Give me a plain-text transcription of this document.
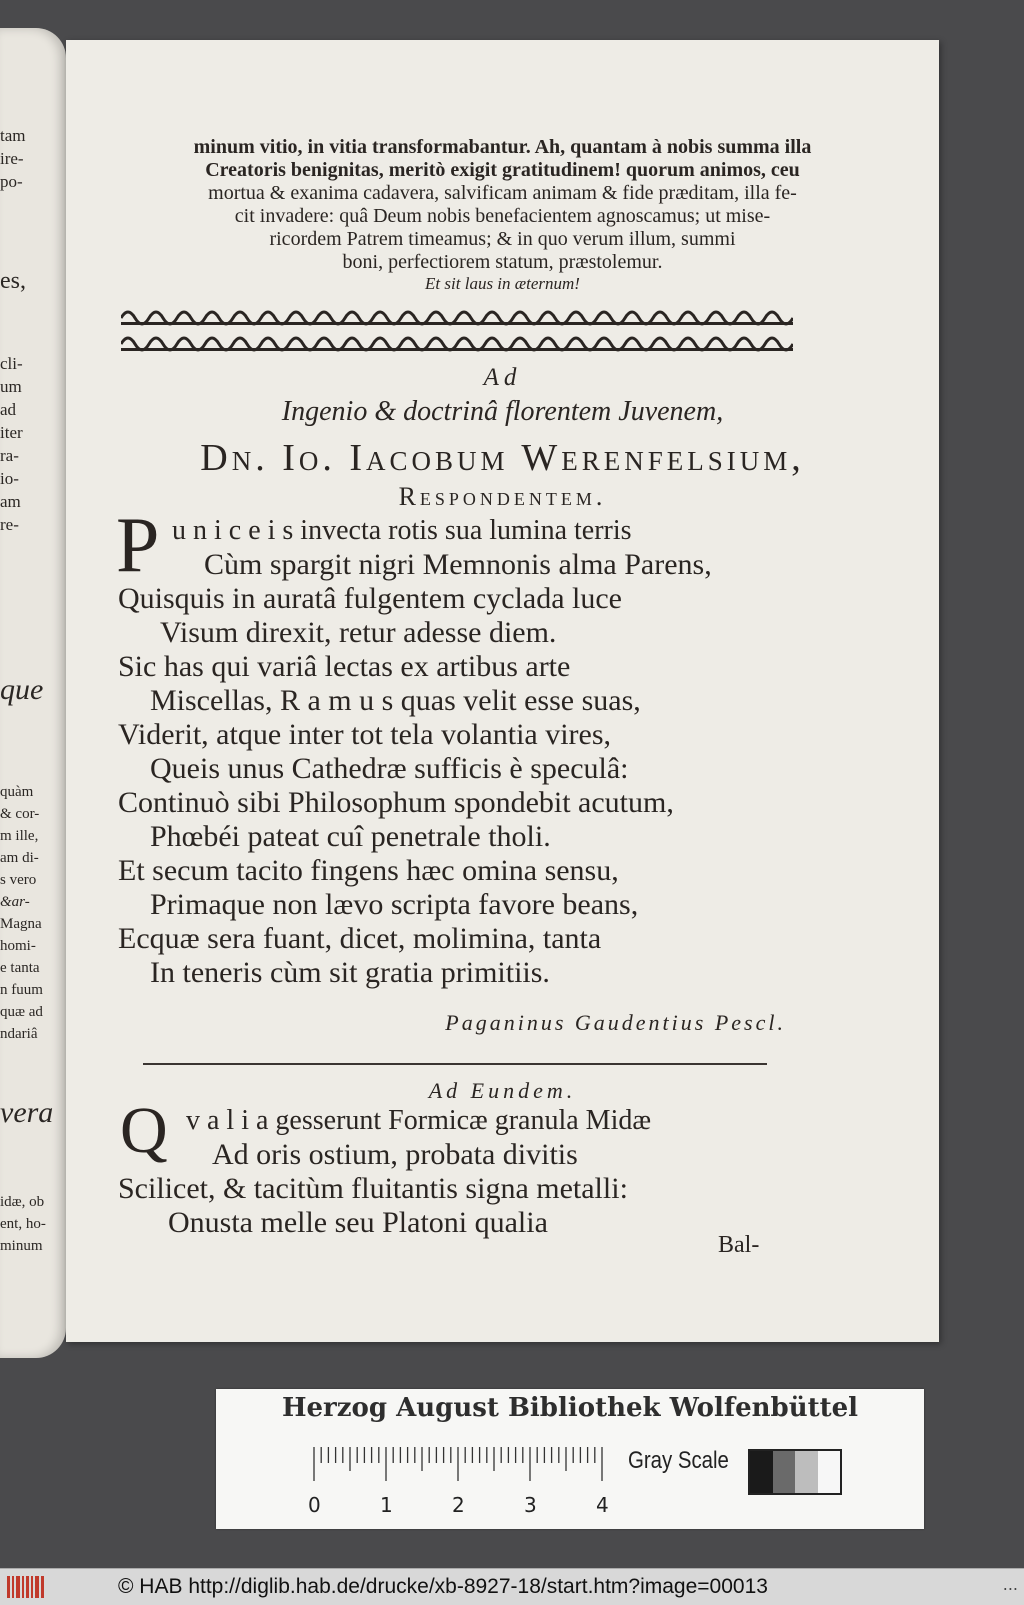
tam
ire-
po-
es,
cli-
um
ad
iter
ra-
io-
am
re-
que
quàm
& cor-
m ille,
am di-
s vero
&ar-
Magna
homi-
e tanta
n fuum
quæ ad
ndariâ
vera
idæ, ob
ent, ho-
minum
minum vitio, in vitia transformabantur. Ah, quantam à nobis summa illa
Creatoris benignitas, meritò exigit gratitudinem! quorum animos, ceu
mortua & exanima cadavera, salvificam animam & fide præditam, illa fe-
cit invadere: quâ Deum nobis benefacientem agnoscamus; ut mise-
ricordem Patrem timeamus; & in quo verum illum, summi
boni, perfectiorem statum, præstolemur.
Et sit laus in æternum!
Ad
Ingenio & doctrinâ florentem Juvenem,
Dn. Io. Iacobum Werenfelsium,
Respondentem.
P u n i c e i s invecta rotis sua lumina terris
Cùm spargit nigri Memnonis alma Parens,
Quisquis in auratâ fulgentem cyclada luce
Visum direxit, retur adesse diem.
Sic has qui variâ lectas ex artibus arte
Miscellas, R a m u s quas velit esse suas,
Viderit, atque inter tot tela volantia vires,
Queis unus Cathedræ sufficis è speculâ:
Continuò sibi Philosophum spondebit acutum,
Phœbéi pateat cuî penetrale tholi.
Et secum tacito fingens hæc omina sensu,
Primaque non lævo scripta favore beans,
Ecquæ sera fuant, dicet, molimina, tanta
In teneris cùm sit gratia primitiis.
Paganinus Gaudentius Pescl.
Ad Eundem.
Q v a l i a gesserunt Formicæ granula Midæ
Ad oris ostium, probata divitis
Scilicet, & tacitùm fluitantis signa metalli:
Onusta melle seu Platoni qualia
Bal-
Herzog August Bibliothek Wolfenbüttel
0	1	2	3	4
Gray Scale
© HAB http://diglib.hab.de/drucke/xb-8927-18/start.htm?image=00013	...
